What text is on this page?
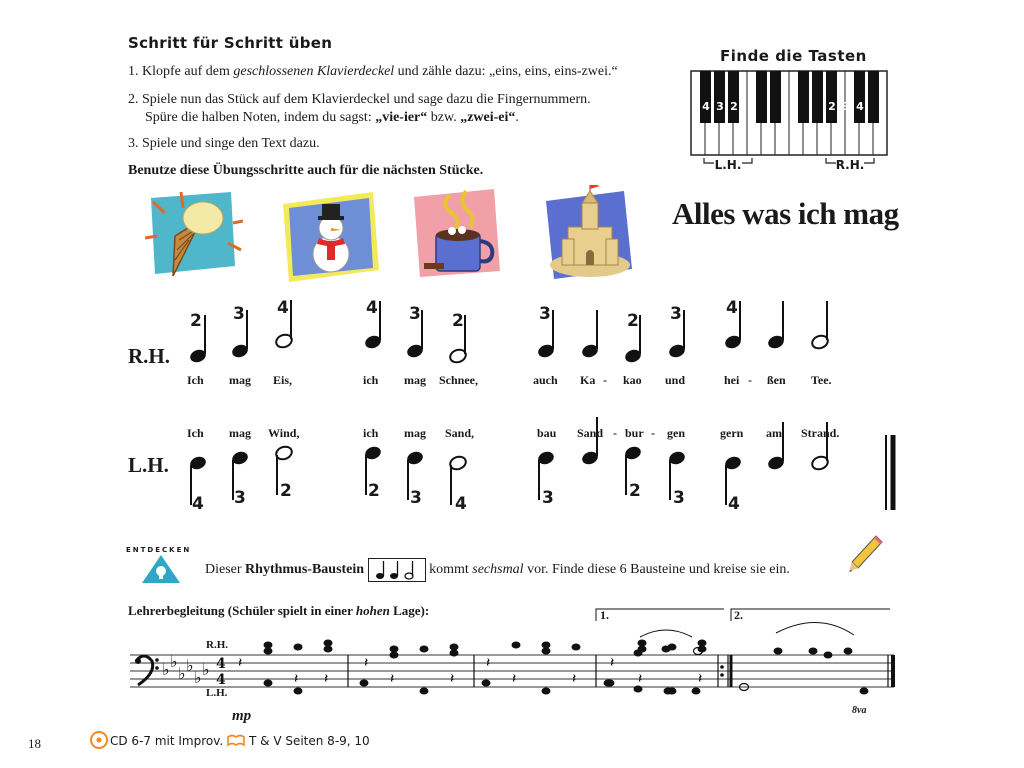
Schritt für Schritt üben
1. Klopfe auf dem geschlossenen Klavierdeckel und zähle dazu: „eins, eins, eins-zwei.“
2. Spiele nun das Stück auf dem Klavierdeckel und sage dazu die Fingernummern.
Spüre die halben Noten, indem du sagst: „vie-ier“ bzw. „zwei-ei“.
3. Spiele und singe den Text dazu.
Benutze diese Übungsschritte auch für die nächsten Stücke.
Finde die Tasten
4 3 2	2 3 4
L.H.	R.H.
Alles was ich mag
R.H.
L.H.
2 3 4	4 3 2	3	2 3	4
4 3 2	2 3 4	3	2 3	4
Ich mag Eis,	ich mag Schnee,	auch Ka - kao und	hei - ßen Tee.
Ich mag Wind,	ich mag Sand,	bau Sand - bur - gen	gern am Strand.
ENTDECKEN
Dieser Rhythmus-Baustein	kommt sechsmal vor. Finde diese 6 Bausteine und kreise sie ein.
Lehrerbegleitung (Schüler spielt in einer hohen Lage):
R.H.
L.H.
1.	2.
mp	8va
♭ ♭
♭ ♭
♭ ♭ 4
4
𝄽	𝄽	𝄽	𝄽
𝄽 𝄽	𝄽	𝄽	𝄽	𝄽	𝄽	𝄽
18	CD 6-7 mit Improv. T & V Seiten 8-9, 10
